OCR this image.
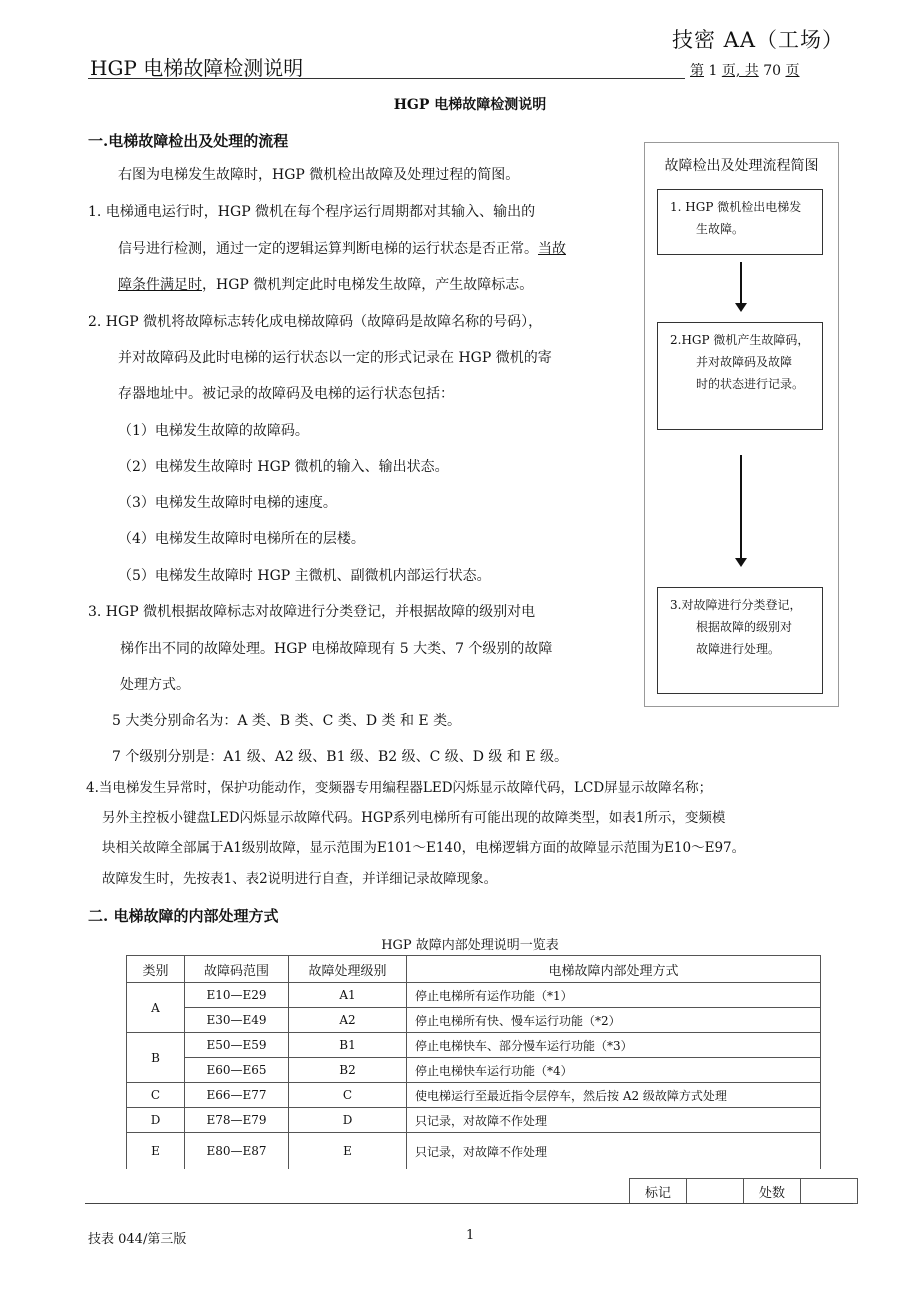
技密 AA（工场）
HGP 电梯故障检测说明	第 1 页, 共 70 页
HGP 电梯故障检测说明
一.电梯故障检出及处理的流程
右图为电梯发生故障时，HGP 微机检出故障及处理过程的简图。
1. 电梯通电运行时，HGP 微机在每个程序运行周期都对其输入、输出的
信号进行检测，通过一定的逻辑运算判断电梯的运行状态是否正常。当故
障条件满足时，HGP 微机判定此时电梯发生故障，产生故障标志。
2. HGP 微机将故障标志转化成电梯故障码（故障码是故障名称的号码），
并对故障码及此时电梯的运行状态以一定的形式记录在 HGP 微机的寄
存器地址中。被记录的故障码及电梯的运行状态包括：
（1）电梯发生故障的故障码。
（2）电梯发生故障时 HGP 微机的输入、输出状态。
（3）电梯发生故障时电梯的速度。
（4）电梯发生故障时电梯所在的层楼。
（5）电梯发生故障时 HGP 主微机、副微机内部运行状态。
3. HGP 微机根据故障标志对故障进行分类登记，并根据故障的级别对电
梯作出不同的故障处理。HGP 电梯故障现有 5 大类、7 个级别的故障
处理方式。
5 大类分别命名为：A 类、B 类、C 类、D 类 和 E 类。
7 个级别分别是：A1 级、A2 级、B1 级、B2 级、C 级、D 级 和 E 级。
4.当电梯发生异常时，保护功能动作，变频器专用编程器LED闪烁显示故障代码，LCD屏显示故障名称；
另外主控板小键盘LED闪烁显示故障代码。HGP系列电梯所有可能出现的故障类型，如表1所示，变频模
块相关故障全部属于A1级别故障，显示范围为E101～E140，电梯逻辑方面的故障显示范围为E10～E97。
故障发生时，先按表1、表2说明进行自查，并详细记录故障现象。
故障检出及处理流程简图
1. HGP 微机检出电梯发
生故障。
2.HGP 微机产生故障码，
并对故障码及故障
时的状态进行记录。
3.对故障进行分类登记，
根据故障的级别对
故障进行处理。
二. 电梯故障的内部处理方式
HGP 故障内部处理说明一览表
类别	故障码范围	故障处理级别	电梯故障内部处理方式
A	E10—E29	A1	停止电梯所有运作功能（*1）
	E30—E49	A2	停止电梯所有快、慢车运行功能（*2）
B	E50—E59	B1	停止电梯快车、部分慢车运行功能（*3）
	E60—E65	B2	停止电梯快车运行功能（*4）
C	E66—E77	C	使电梯运行至最近指令层停车，然后按 A2 级故障方式处理
D	E78—E79	D	只记录，对故障不作处理
E	E80—E87	E	只记录，对故障不作处理
标记		处数	
技表 044/第三版	1
